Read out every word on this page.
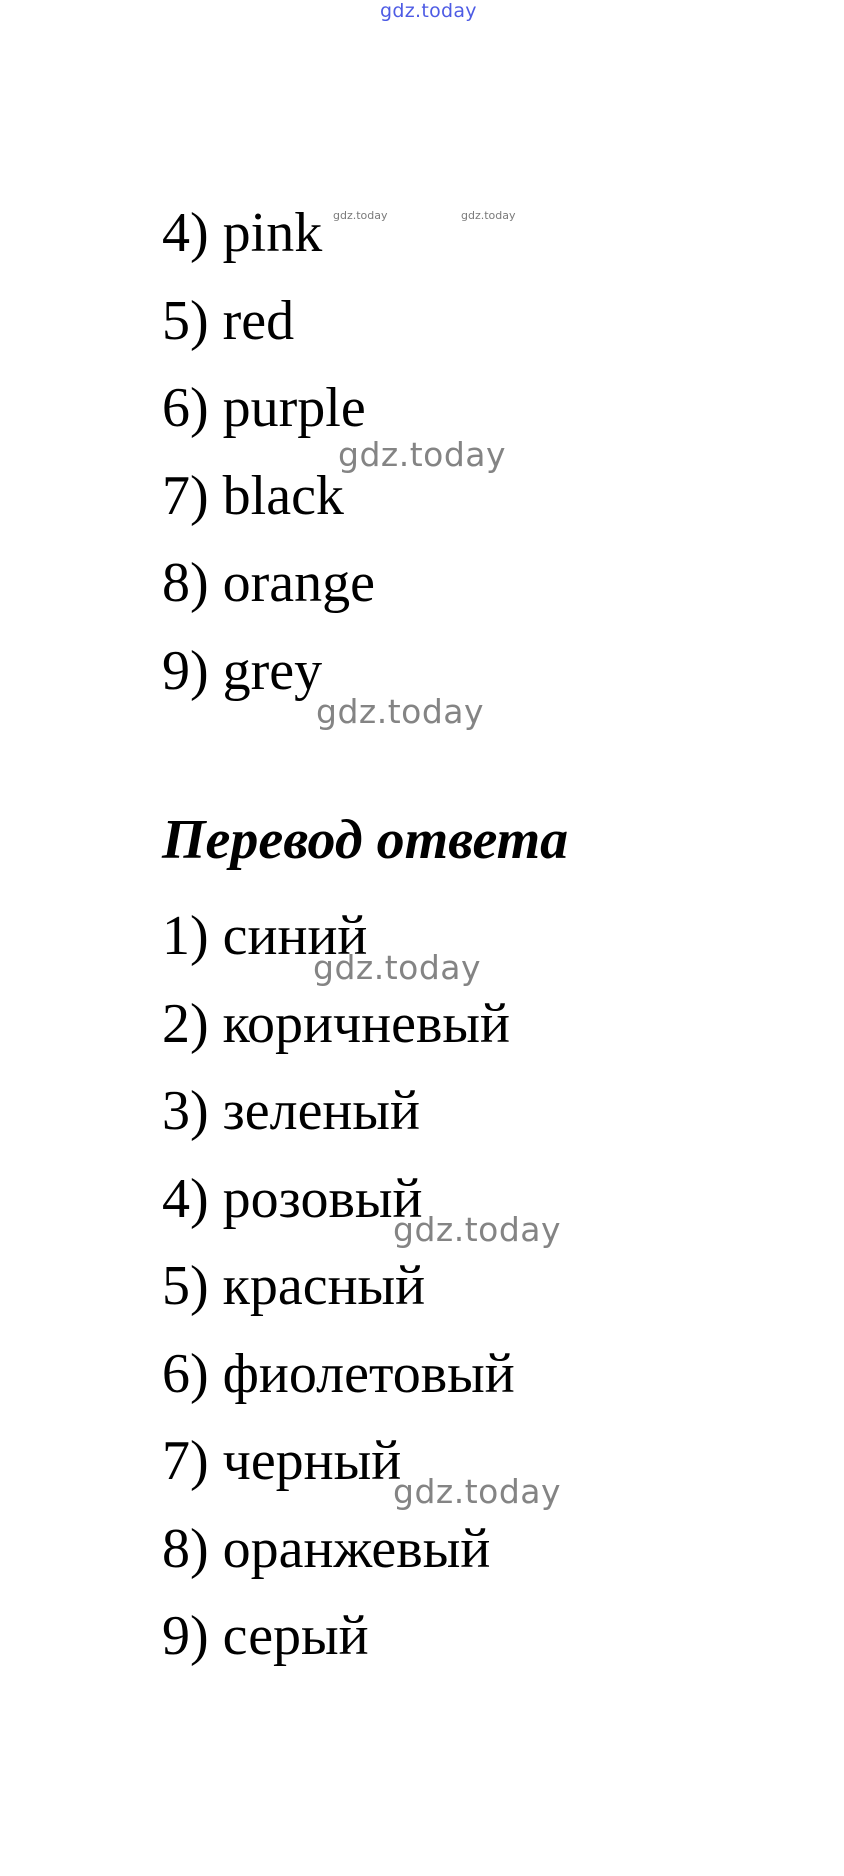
gdz.today
gdz.today	gdz.today
4) pink
5) red
6) purple
7) black
8) orange
9) grey
Перевод ответа
1) синий
2) коричневый
3) зеленый
4) розовый
5) красный
6) фиолетовый
7) черный
8) оранжевый
9) серый
gdz.today
gdz.today
gdz.today
gdz.today
gdz.today
